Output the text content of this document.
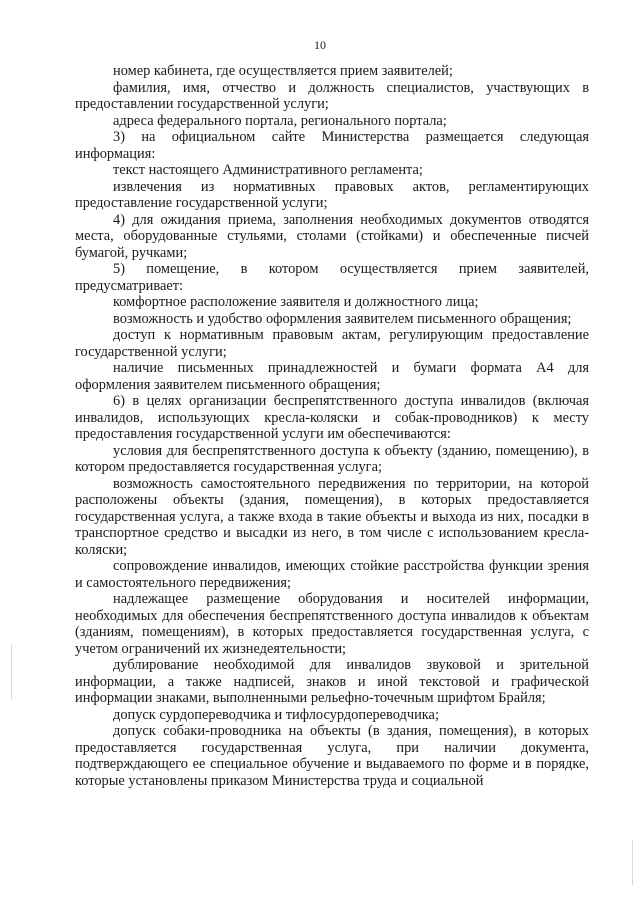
10

номер кабинета, где осуществляется прием заявителей;

фамилия, имя, отчество и должность специалистов, участвующих в предоставлении государственной услуги;

адреса федерального портала, регионального портала;

3) на официальном сайте Министерства размещается следующая информация:

текст настоящего Административного регламента;

извлечения из нормативных правовых актов, регламентирующих предоставление государственной услуги;

4) для ожидания приема, заполнения необходимых документов отводятся места, оборудованные стульями, столами (стойками) и обеспеченные писчей бумагой, ручками;

5) помещение, в котором осуществляется прием заявителей, предусматривает:

комфортное расположение заявителя и должностного лица;

возможность и удобство оформления заявителем письменного обращения;

доступ к нормативным правовым актам, регулирующим предоставление государственной услуги;

наличие письменных принадлежностей и бумаги формата А4 для оформления заявителем письменного обращения;

6) в целях организации беспрепятственного доступа инвалидов (включая инвалидов, использующих кресла-коляски и собак-проводников) к месту предоставления государственной услуги им обеспечиваются:

условия для беспрепятственного доступа к объекту (зданию, помещению), в котором предоставляется государственная услуга;

возможность самостоятельного передвижения по территории, на которой расположены объекты (здания, помещения), в которых предоставляется государственная услуга, а также входа в такие объекты и выхода из них, посадки в транспортное средство и высадки из него, в том числе с использованием кресла-коляски;

сопровождение инвалидов, имеющих стойкие расстройства функции зрения и самостоятельного передвижения;

надлежащее размещение оборудования и носителей информации, необходимых для обеспечения беспрепятственного доступа инвалидов к объектам (зданиям, помещениям), в которых предоставляется государственная услуга, с учетом ограничений их жизнедеятельности;

дублирование необходимой для инвалидов звуковой и зрительной информации, а также надписей, знаков и иной текстовой и графической информации знаками, выполненными рельефно-точечным шрифтом Брайля;

допуск сурдопереводчика и тифлосурдопереводчика;

допуск собаки-проводника на объекты (в здания, помещения), в которых предоставляется государственная услуга, при наличии документа, подтверждающего ее специальное обучение и выдаваемого по форме и в порядке, которые установлены приказом Министерства труда и социальной
